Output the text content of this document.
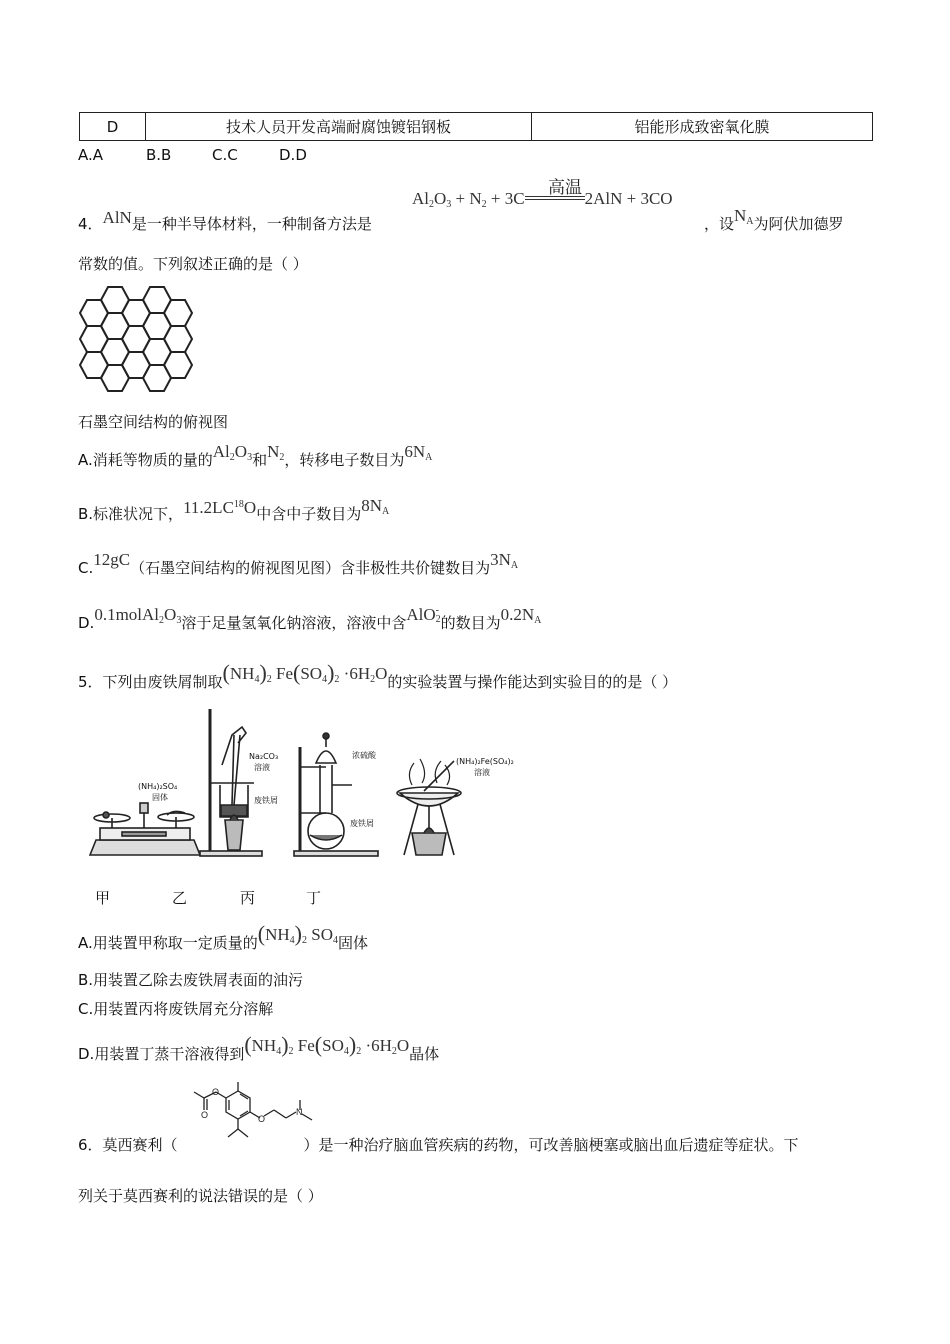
D	技术人员开发高端耐腐蚀镀铝钢板	铝能形成致密氧化膜
A.A	B.B	C.C	D.D
$Al_2O_3 + N_2 + 3C$	2AlN + 3CO
高温
4．AlN是一种半导体材料，一种制备方法是	，设$N_A$为阿伏加德罗
常数的值。下列叙述正确的是（ ）
石墨空间结构的俯视图
A.消耗等物质的量的$Al_2O_3$和$N_2$，转移电子数目为$6N_A$
B.标准状况下，11.2LC$^{18}$O中含中子数目为$8N_A$
C.12gC（石墨空间结构的俯视图见图）含非极性共价键数目为$3N_A$
$D.0.1molAl_2O_3$溶于足量氢氧化钠溶液，溶液中含AlO-
2的数目为$0.2N_A$
5．下列由废铁屑制取$(NH_4)_2$ $Fe(SO_4)_2 \cdot 6H_2O$的实验装置与操作能达到实验目的的是（ ）
(NH₄)₂SO₄
固体
Na₂CO₃
溶液
废铁屑
浓硫酸
废铁屑
(NH₄)₂Fe(SO₄)₂
溶液
甲	乙	丙	丁
A.用装置甲称取一定质量的$(NH_4)_2$ $SO_4$固体
B.用装置乙除去废铁屑表面的油污
C.用装置丙将废铁屑充分溶解
D.用装置丁蒸干溶液得到$(NH_4)_2$ $Fe(SO_4)_2 \cdot 6H_2O$晶体
O
O	O
N
6．莫西赛利（	）是一种治疗脑血管疾病的药物，可改善脑梗塞或脑出血后遗症等症状。下
列关于莫西赛利的说法错误的是（ ）
